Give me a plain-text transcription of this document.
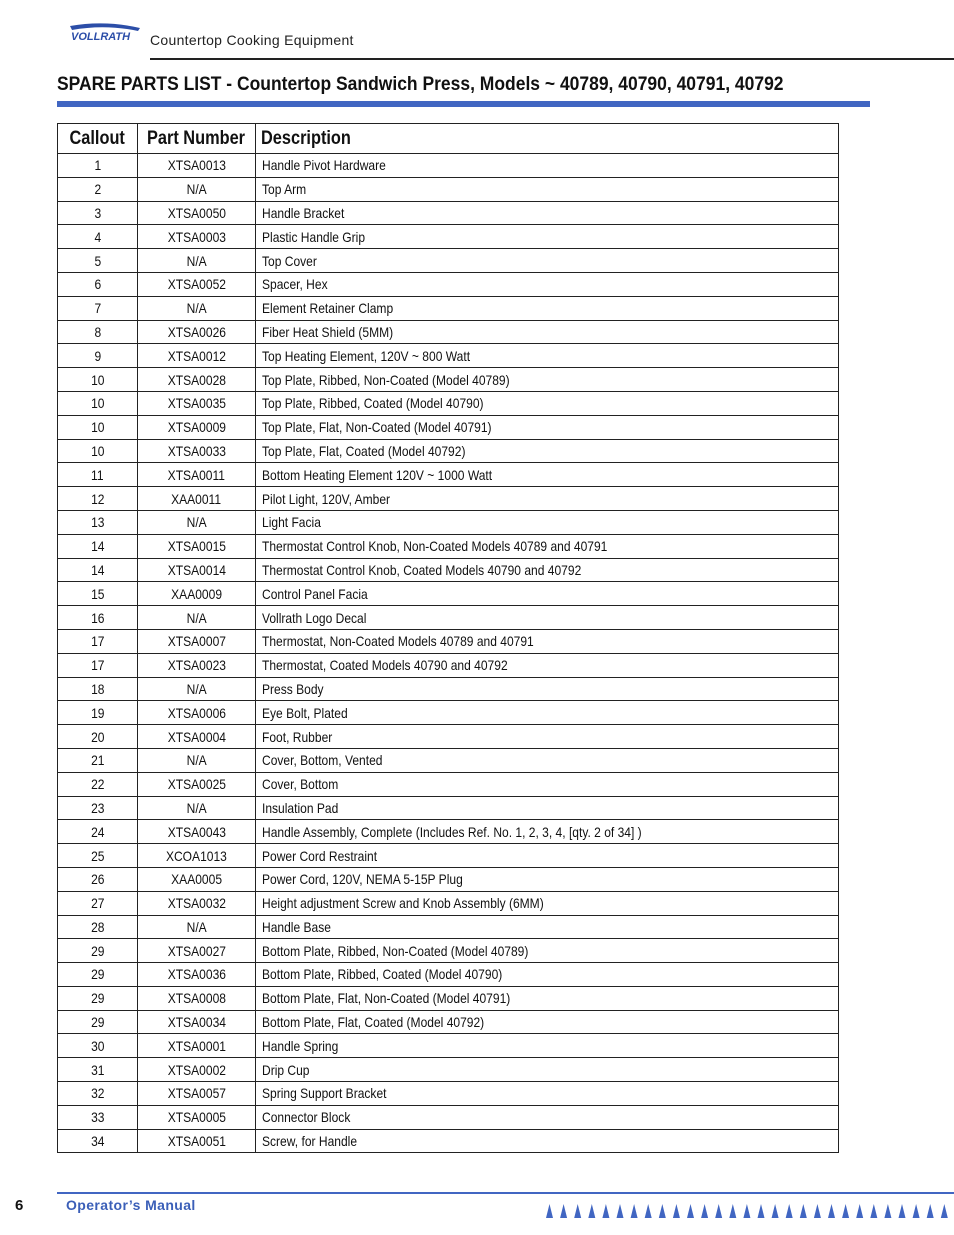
VOLLRATH Countertop Cooking Equipment
SPARE PARTS LIST - Countertop Sandwich Press, Models ~ 40789, 40790, 40791, 40792
Callout	Part Number	Description
1	XTSA0013	Handle Pivot Hardware
2	N/A	Top Arm
3	XTSA0050	Handle Bracket
4	XTSA0003	Plastic Handle Grip
5	N/A	Top Cover
6	XTSA0052	Spacer, Hex
7	N/A	Element Retainer Clamp
8	XTSA0026	Fiber Heat Shield (5MM)
9	XTSA0012	Top Heating Element, 120V ~ 800 Watt
10	XTSA0028	Top Plate, Ribbed, Non-Coated (Model 40789)
10	XTSA0035	Top Plate, Ribbed, Coated (Model 40790)
10	XTSA0009	Top Plate, Flat, Non-Coated (Model 40791)
10	XTSA0033	Top Plate, Flat, Coated (Model 40792)
11	XTSA0011	Bottom Heating Element 120V ~ 1000 Watt
12	XAA0011	Pilot Light, 120V, Amber
13	N/A	Light Facia
14	XTSA0015	Thermostat Control Knob, Non-Coated Models 40789 and 40791
14	XTSA0014	Thermostat Control Knob, Coated Models 40790 and 40792
15	XAA0009	Control Panel Facia
16	N/A	Vollrath Logo Decal
17	XTSA0007	Thermostat, Non-Coated Models 40789 and 40791
17	XTSA0023	Thermostat, Coated Models 40790 and 40792
18	N/A	Press Body
19	XTSA0006	Eye Bolt, Plated
20	XTSA0004	Foot, Rubber
21	N/A	Cover, Bottom, Vented
22	XTSA0025	Cover, Bottom
23	N/A	Insulation Pad
24	XTSA0043	Handle Assembly, Complete (Includes Ref. No. 1, 2, 3, 4, [qty. 2 of 34] )
25	XCOA1013	Power Cord Restraint
26	XAA0005	Power Cord, 120V, NEMA 5-15P Plug
27	XTSA0032	Height adjustment Screw and Knob Assembly (6MM)
28	N/A	Handle Base
29	XTSA0027	Bottom Plate, Ribbed, Non-Coated (Model 40789)
29	XTSA0036	Bottom Plate, Ribbed, Coated (Model 40790)
29	XTSA0008	Bottom Plate, Flat, Non-Coated (Model 40791)
29	XTSA0034	Bottom Plate, Flat, Coated (Model 40792)
30	XTSA0001	Handle Spring
31	XTSA0002	Drip Cup
32	XTSA0057	Spring Support Bracket
33	XTSA0005	Connector Block
34	XTSA0051	Screw, for Handle
6	Operator’s Manual
